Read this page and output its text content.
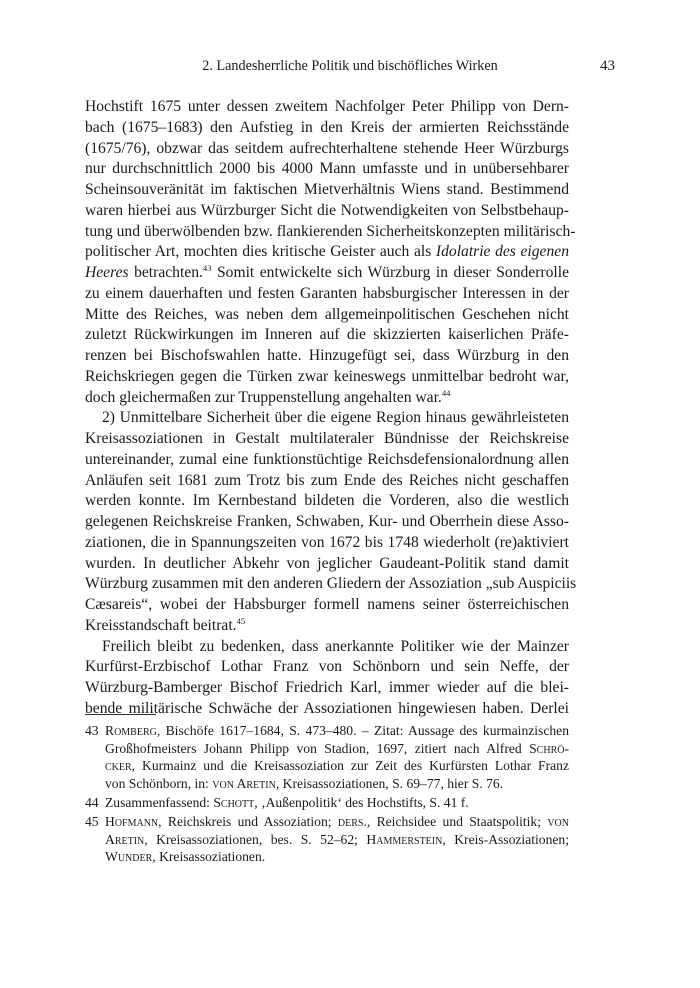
2. Landesherrliche Politik und bischöfliches Wirken	43
Hochstift 1675 unter dessen zweitem Nachfolger Peter Philipp von Dern-
bach (1675–1683) den Aufstieg in den Kreis der armierten Reichsstände
(1675/76), obzwar das seitdem aufrechterhaltene stehende Heer Würzburgs
nur durchschnittlich 2000 bis 4000 Mann umfasste und in unübersehbarer
Scheinsouveränität im faktischen Mietverhältnis Wiens stand. Bestimmend
waren hierbei aus Würzburger Sicht die Notwendigkeiten von Selbstbehaup-
tung und überwölbenden bzw. flankierenden Sicherheitskonzepten militärisch-
politischer Art, mochten dies kritische Geister auch als Idolatrie des eigenen
Heeres betrachten.$^{43}$ Somit entwickelte sich Würzburg in dieser Sonderrolle
zu einem dauerhaften und festen Garanten habsburgischer Interessen in der
Mitte des Reiches, was neben dem allgemeinpolitischen Geschehen nicht
zuletzt Rückwirkungen im Inneren auf die skizzierten kaiserlichen Präfe-
renzen bei Bischofswahlen hatte. Hinzugefügt sei, dass Würzburg in den
Reichskriegen gegen die Türken zwar keineswegs unmittelbar bedroht war,
doch gleichermaßen zur Truppenstellung angehalten war.$^{44}$
2) Unmittelbare Sicherheit über die eigene Region hinaus gewährleisteten
Kreisassoziationen in Gestalt multilateraler Bündnisse der Reichskreise
untereinander, zumal eine funktionstüchtige Reichsdefensionalordnung allen
Anläufen seit 1681 zum Trotz bis zum Ende des Reiches nicht geschaffen
werden konnte. Im Kernbestand bildeten die Vorderen, also die westlich
gelegenen Reichskreise Franken, Schwaben, Kur- und Oberrhein diese Asso-
ziationen, die in Spannungszeiten von 1672 bis 1748 wiederholt (re)aktiviert
wurden. In deutlicher Abkehr von jeglicher Gaudeant-Politik stand damit
Würzburg zusammen mit den anderen Gliedern der Assoziation „sub Auspiciis
Cæsareis“, wobei der Habsburger formell namens seiner österreichischen
Kreisstandschaft beitrat.$^{45}$
Freilich bleibt zu bedenken, dass anerkannte Politiker wie der Mainzer
Kurfürst-Erzbischof Lothar Franz von Schönborn und sein Neffe, der
Würzburg-Bamberger Bischof Friedrich Karl, immer wieder auf die blei-
bende militärische Schwäche der Assoziationen hingewiesen haben. Derlei
43 Romberg, Bischöfe 1617–1684, S. 473–480. – Zitat: Aussage des kurmainzischen
Großhofmeisters Johann Philipp von Stadion, 1697, zitiert nach Alfred Schrö-
cker, Kurmainz und die Kreisassoziation zur Zeit des Kurfürsten Lothar Franz
von Schönborn, in: von Aretin, Kreisassoziationen, S. 69–77, hier S. 76.
44 Zusammenfassend: Schott, ‚Außenpolitik‘ des Hochstifts, S. 41 f.
45 Hofmann, Reichskreis und Assoziation; ders., Reichsidee und Staatspolitik; von
Aretin, Kreisassoziationen, bes. S. 52–62; Hammerstein, Kreis-Assoziationen;
Wunder, Kreisassoziationen.
